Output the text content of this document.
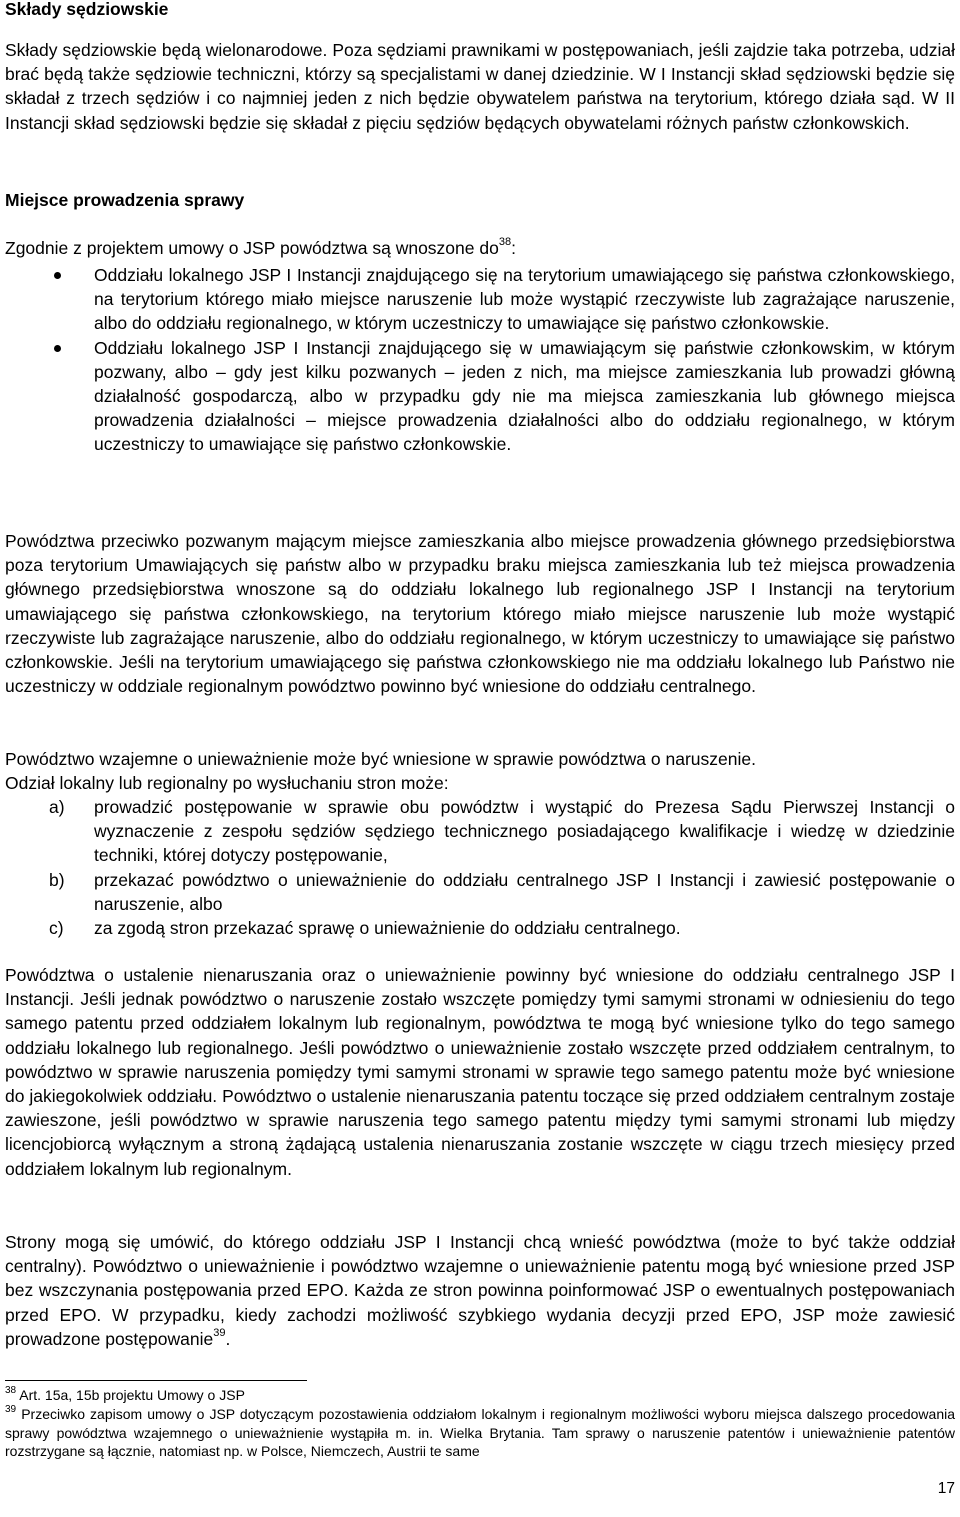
Składy sędziowskie

Składy sędziowskie będą wielonarodowe. Poza sędziami prawnikami w postępowaniach, jeśli zajdzie taka potrzeba, udział brać będą także sędziowie techniczni, którzy są specjalistami w danej dziedzinie. W I Instancji skład sędziowski będzie się składał z trzech sędziów i co najmniej jeden z nich będzie obywatelem państwa na terytorium, którego działa sąd. W II Instancji skład sędziowski będzie się składał z pięciu sędziów będących obywatelami różnych państw członkowskich.

Miejsce prowadzenia sprawy

Zgodnie z projektem umowy o JSP powództwa są wnoszone $do^{38}$:

Oddziału lokalnego JSP I Instancji znajdującego się na terytorium umawiającego się państwa członkowskiego, na terytorium którego miało miejsce naruszenie lub może wystąpić rzeczywiste lub zagrażające naruszenie, albo do oddziału regionalnego, w którym uczestniczy to umawiające się państwo członkowskie.
Oddziału lokalnego JSP I Instancji znajdującego się w umawiającym się państwie członkowskim, w którym pozwany, albo – gdy jest kilku pozwanych – jeden z nich, ma miejsce zamieszkania lub prowadzi główną działalność gospodarczą, albo w przypadku gdy nie ma miejsca zamieszkania lub głównego miejsca prowadzenia działalności – miejsce prowadzenia działalności albo do oddziału regionalnego, w którym uczestniczy to umawiające się państwo członkowskie.

Powództwa przeciwko pozwanym mającym miejsce zamieszkania albo miejsce prowadzenia głównego przedsiębiorstwa poza terytorium Umawiających się państw albo w przypadku braku miejsca zamieszkania lub też miejsca prowadzenia głównego przedsiębiorstwa wnoszone są do oddziału lokalnego lub regionalnego JSP I Instancji na terytorium umawiającego się państwa członkowskiego, na terytorium którego miało miejsce naruszenie lub może wystąpić rzeczywiste lub zagrażające naruszenie, albo do oddziału regionalnego, w którym uczestniczy to umawiające się państwo członkowskie. Jeśli na terytorium umawiającego się państwa członkowskiego nie ma oddziału lokalnego lub Państwo nie uczestniczy w oddziale regionalnym powództwo powinno być wniesione do oddziału centralnego.

Powództwo wzajemne o unieważnienie może być wniesione w sprawie powództwa o naruszenie.

Odział lokalny lub regionalny po wysłuchaniu stron może:

a) prowadzić postępowanie w sprawie obu powództw i wystąpić do Prezesa Sądu Pierwszej Instancji o wyznaczenie z zespołu sędziów sędziego technicznego posiadającego kwalifikacje i wiedzę w dziedzinie techniki, której dotyczy postępowanie,
b) przekazać powództwo o unieważnienie do oddziału centralnego JSP I Instancji i zawiesić postępowanie o naruszenie, albo
c) za zgodą stron przekazać sprawę o unieważnienie do oddziału centralnego.

Powództwa o ustalenie nienaruszania oraz o unieważnienie powinny być wniesione do oddziału centralnego JSP I Instancji. Jeśli jednak powództwo o naruszenie zostało wszczęte pomiędzy tymi samymi stronami w odniesieniu do tego samego patentu przed oddziałem lokalnym lub regionalnym, powództwa te mogą być wniesione tylko do tego samego oddziału lokalnego lub regionalnego. Jeśli powództwo o unieważnienie zostało wszczęte przed oddziałem centralnym, to powództwo w sprawie naruszenia pomiędzy tymi samymi stronami w sprawie tego samego patentu może być wniesione do jakiegokolwiek oddziału. Powództwo o ustalenie nienaruszania patentu toczące się przed oddziałem centralnym zostaje zawieszone, jeśli powództwo w sprawie naruszenia tego samego patentu między tymi samymi stronami lub między licencjobiorcą wyłącznym a stroną żądającą ustalenia nienaruszania zostanie wszczęte w ciągu trzech miesięcy przed oddziałem lokalnym lub regionalnym.

Strony mogą się umówić, do którego oddziału JSP I Instancji chcą wnieść powództwa (może to być także oddział centralny). Powództwo o unieważnienie i powództwo wzajemne o unieważnienie patentu mogą być wniesione przed JSP bez wszczynania postępowania przed EPO. Każda ze stron powinna poinformować JSP o ewentualnych postępowaniach przed EPO. W przypadku, kiedy zachodzi możliwość szybkiego wydania decyzji przed EPO, JSP może zawiesić prowadzone postępowanie$^{39}$.

$^{38}$ Art. 15a, 15b projektu Umowy o JSP

$^{39}$ Przeciwko zapisom umowy o JSP dotyczącym pozostawienia oddziałom lokalnym i regionalnym możliwości wyboru miejsca dalszego procedowania sprawy powództwa wzajemnego o unieważnienie wystąpiła m. in. Wielka Brytania. Tam sprawy o naruszenie patentów i unieważnienie patentów rozstrzygane są łącznie, natomiast np. w Polsce, Niemczech, Austrii te same

17
